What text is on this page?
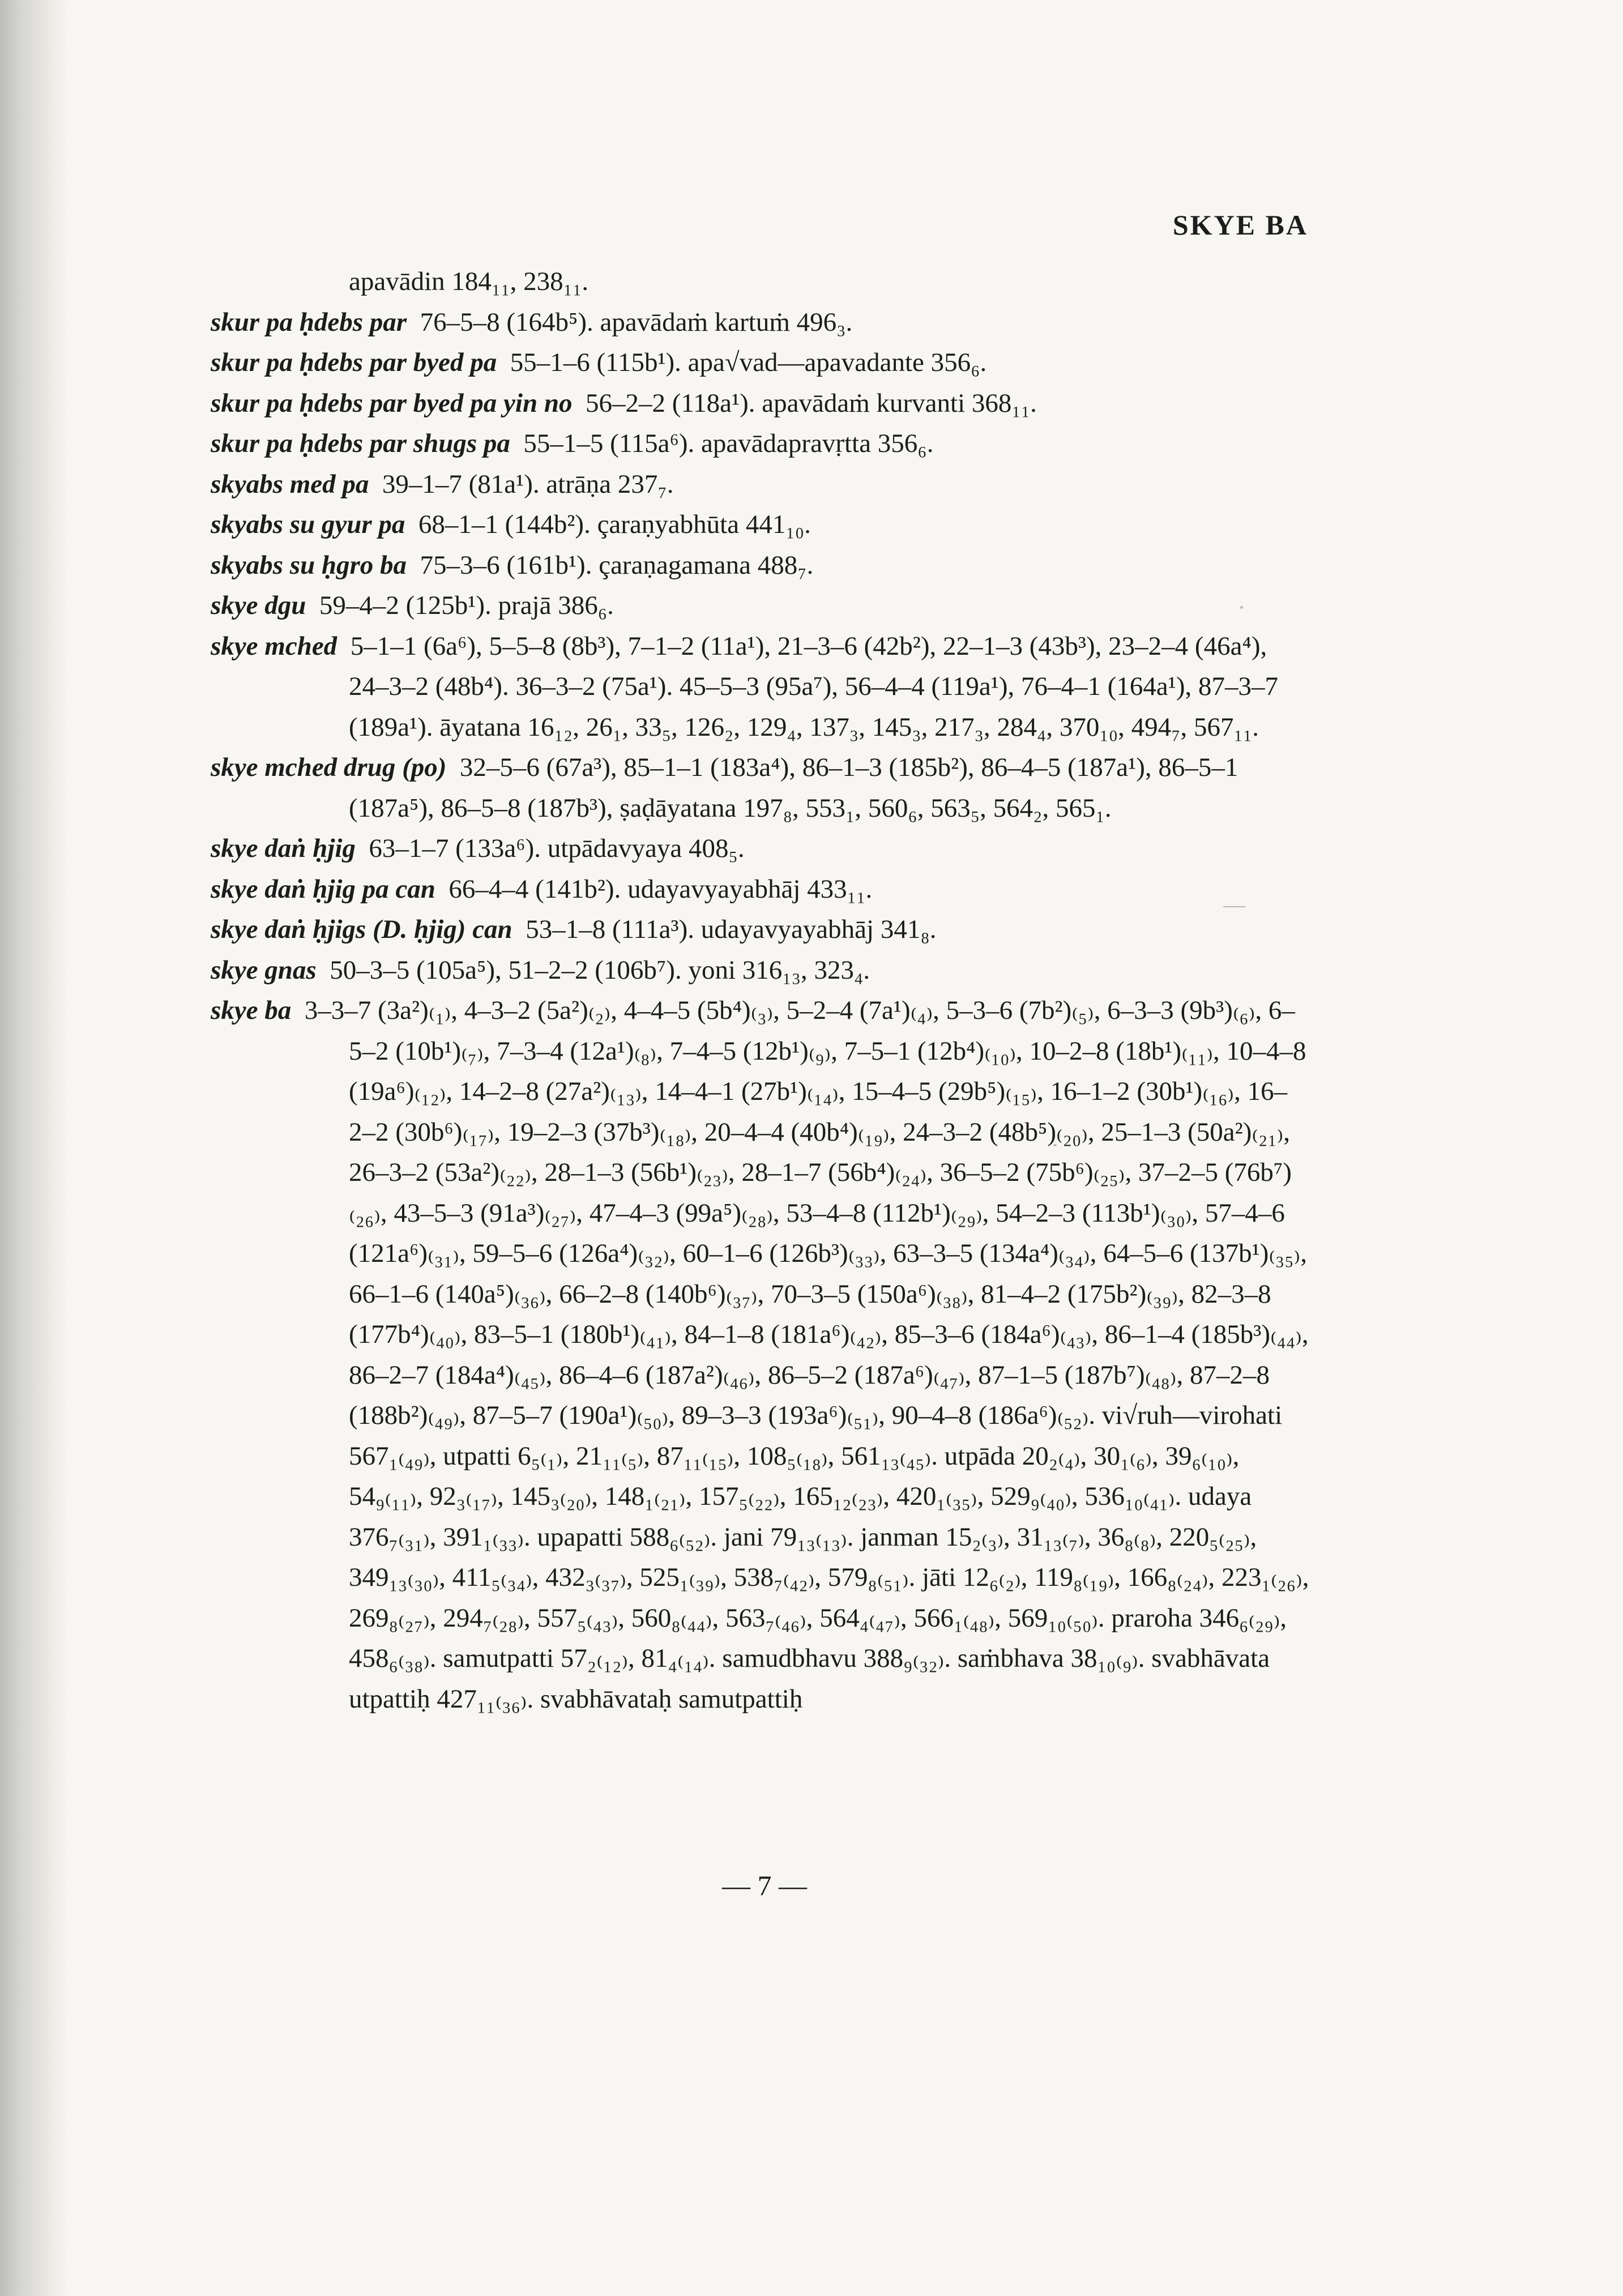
SKYE BA
apavādin 184₁₁, 238₁₁.
skur pa ḥdebs par 76–5–8 (164b⁵). apavādaṁ kartuṁ 496₃.
skur pa ḥdebs par byed pa 55–1–6 (115b¹). apa√vad—apavadante 356₆.
skur pa ḥdebs par byed pa yin no 56–2–2 (118a¹). apavādaṁ kurvanti 368₁₁.
skur pa ḥdebs par shugs pa 55–1–5 (115a⁶). apavādapravṛtta 356₆.
skyabs med pa 39–1–7 (81a¹). atrāṇa 237₇.
skyabs su gyur pa 68–1–1 (144b²). çaraṇyabhūta 441₁₀.
skyabs su ḥgro ba 75–3–6 (161b¹). çaraṇagamana 488₇.
skye dgu 59–4–2 (125b¹). prajā 386₆.
skye mched 5–1–1 (6a⁶), 5–5–8 (8b³), 7–1–2 (11a¹), 21–3–6 (42b²), 22–1–3 (43b³), 23–2–4 (46a⁴), 24–3–2 (48b⁴). 36–3–2 (75a¹). 45–5–3 (95a⁷), 56–4–4 (119a¹), 76–4–1 (164a¹), 87–3–7 (189a¹). āyatana 16₁₂, 26₁, 33₅, 126₂, 129₄, 137₃, 145₃, 217₃, 284₄, 370₁₀, 494₇, 567₁₁.
skye mched drug (po) 32–5–6 (67a³), 85–1–1 (183a⁴), 86–1–3 (185b²), 86–4–5 (187a¹), 86–5–1 (187a⁵), 86–5–8 (187b³), ṣaḍāyatana 197₈, 553₁, 560₆, 563₅, 564₂, 565₁.
skye daṅ ḥjig 63–1–7 (133a⁶). utpādavyaya 408₅.
skye daṅ ḥjig pa can 66–4–4 (141b²). udayavyayabhāj 433₁₁.
skye daṅ ḥjigs (D. ḥjig) can 53–1–8 (111a³). udayavyayabhāj 341₈.
skye gnas 50–3–5 (105a⁵), 51–2–2 (106b⁷). yoni 316₁₃, 323₄.
skye ba 3–3–7 (3a²)₍₁₎, 4–3–2 (5a²)₍₂₎, 4–4–5 (5b⁴)₍₃₎, 5–2–4 (7a¹)₍₄₎, 5–3–6 (7b²)₍₅₎, 6–3–3 (9b³)₍₆₎, 6–5–2 (10b¹)₍₇₎, 7–3–4 (12a¹)₍₈₎, 7–4–5 (12b¹)₍₉₎, 7–5–1 (12b⁴)₍₁₀₎, 10–2–8 (18b¹)₍₁₁₎, 10–4–8 (19a⁶)₍₁₂₎, 14–2–8 (27a²)₍₁₃₎, 14–4–1 (27b¹)₍₁₄₎, 15–4–5 (29b⁵)₍₁₅₎, 16–1–2 (30b¹)₍₁₆₎, 16–2–2 (30b⁶)₍₁₇₎, 19–2–3 (37b³)₍₁₈₎, 20–4–4 (40b⁴)₍₁₉₎, 24–3–2 (48b⁵)₍₂₀₎, 25–1–3 (50a²)₍₂₁₎, 26–3–2 (53a²)₍₂₂₎, 28–1–3 (56b¹)₍₂₃₎, 28–1–7 (56b⁴)₍₂₄₎, 36–5–2 (75b⁶)₍₂₅₎, 37–2–5 (76b⁷)₍₂₆₎, 43–5–3 (91a³)₍₂₇₎, 47–4–3 (99a⁵)₍₂₈₎, 53–4–8 (112b¹)₍₂₉₎, 54–2–3 (113b¹)₍₃₀₎, 57–4–6 (121a⁶)₍₃₁₎, 59–5–6 (126a⁴)₍₃₂₎, 60–1–6 (126b³)₍₃₃₎, 63–3–5 (134a⁴)₍₃₄₎, 64–5–6 (137b¹)₍₃₅₎, 66–1–6 (140a⁵)₍₃₆₎, 66–2–8 (140b⁶)₍₃₇₎, 70–3–5 (150a⁶)₍₃₈₎, 81–4–2 (175b²)₍₃₉₎, 82–3–8 (177b⁴)₍₄₀₎, 83–5–1 (180b¹)₍₄₁₎, 84–1–8 (181a⁶)₍₄₂₎, 85–3–6 (184a⁶)₍₄₃₎, 86–1–4 (185b³)₍₄₄₎, 86–2–7 (184a⁴)₍₄₅₎, 86–4–6 (187a²)₍₄₆₎, 86–5–2 (187a⁶)₍₄₇₎, 87–1–5 (187b⁷)₍₄₈₎, 87–2–8 (188b²)₍₄₉₎, 87–5–7 (190a¹)₍₅₀₎, 89–3–3 (193a⁶)₍₅₁₎, 90–4–8 (186a⁶)₍₅₂₎. vi√ruh—virohati 567₁₍₄₉₎, utpatti 6₅₍₁₎, 21₁₁₍₅₎, 87₁₁₍₁₅₎, 108₅₍₁₈₎, 561₁₃₍₄₅₎. utpāda 20₂₍₄₎, 30₁₍₆₎, 39₆₍₁₀₎, 54₉₍₁₁₎, 92₃₍₁₇₎, 145₃₍₂₀₎, 148₁₍₂₁₎, 157₅₍₂₂₎, 165₁₂₍₂₃₎, 420₁₍₃₅₎, 529₉₍₄₀₎, 536₁₀₍₄₁₎. udaya 376₇₍₃₁₎, 391₁₍₃₃₎. upapatti 588₆₍₅₂₎. jani 79₁₃₍₁₃₎. janman 15₂₍₃₎, 31₁₃₍₇₎, 36₈₍₈₎, 220₅₍₂₅₎, 349₁₃₍₃₀₎, 411₅₍₃₄₎, 432₃₍₃₇₎, 525₁₍₃₉₎, 538₇₍₄₂₎, 579₈₍₅₁₎. jāti 12₆₍₂₎, 119₈₍₁₉₎, 166₈₍₂₄₎, 223₁₍₂₆₎, 269₈₍₂₇₎, 294₇₍₂₈₎, 557₅₍₄₃₎, 560₈₍₄₄₎, 563₇₍₄₆₎, 564₄₍₄₇₎, 566₁₍₄₈₎, 569₁₀₍₅₀₎. praroha 346₆₍₂₉₎, 458₆₍₃₈₎. samutpatti 57₂₍₁₂₎, 81₄₍₁₄₎. samudbhavu 388₉₍₃₂₎. saṁbhava 38₁₀₍₉₎. svabhāvata utpattiḥ 427₁₁₍₃₆₎. svabhāvataḥ samutpattiḥ
— 7 —
